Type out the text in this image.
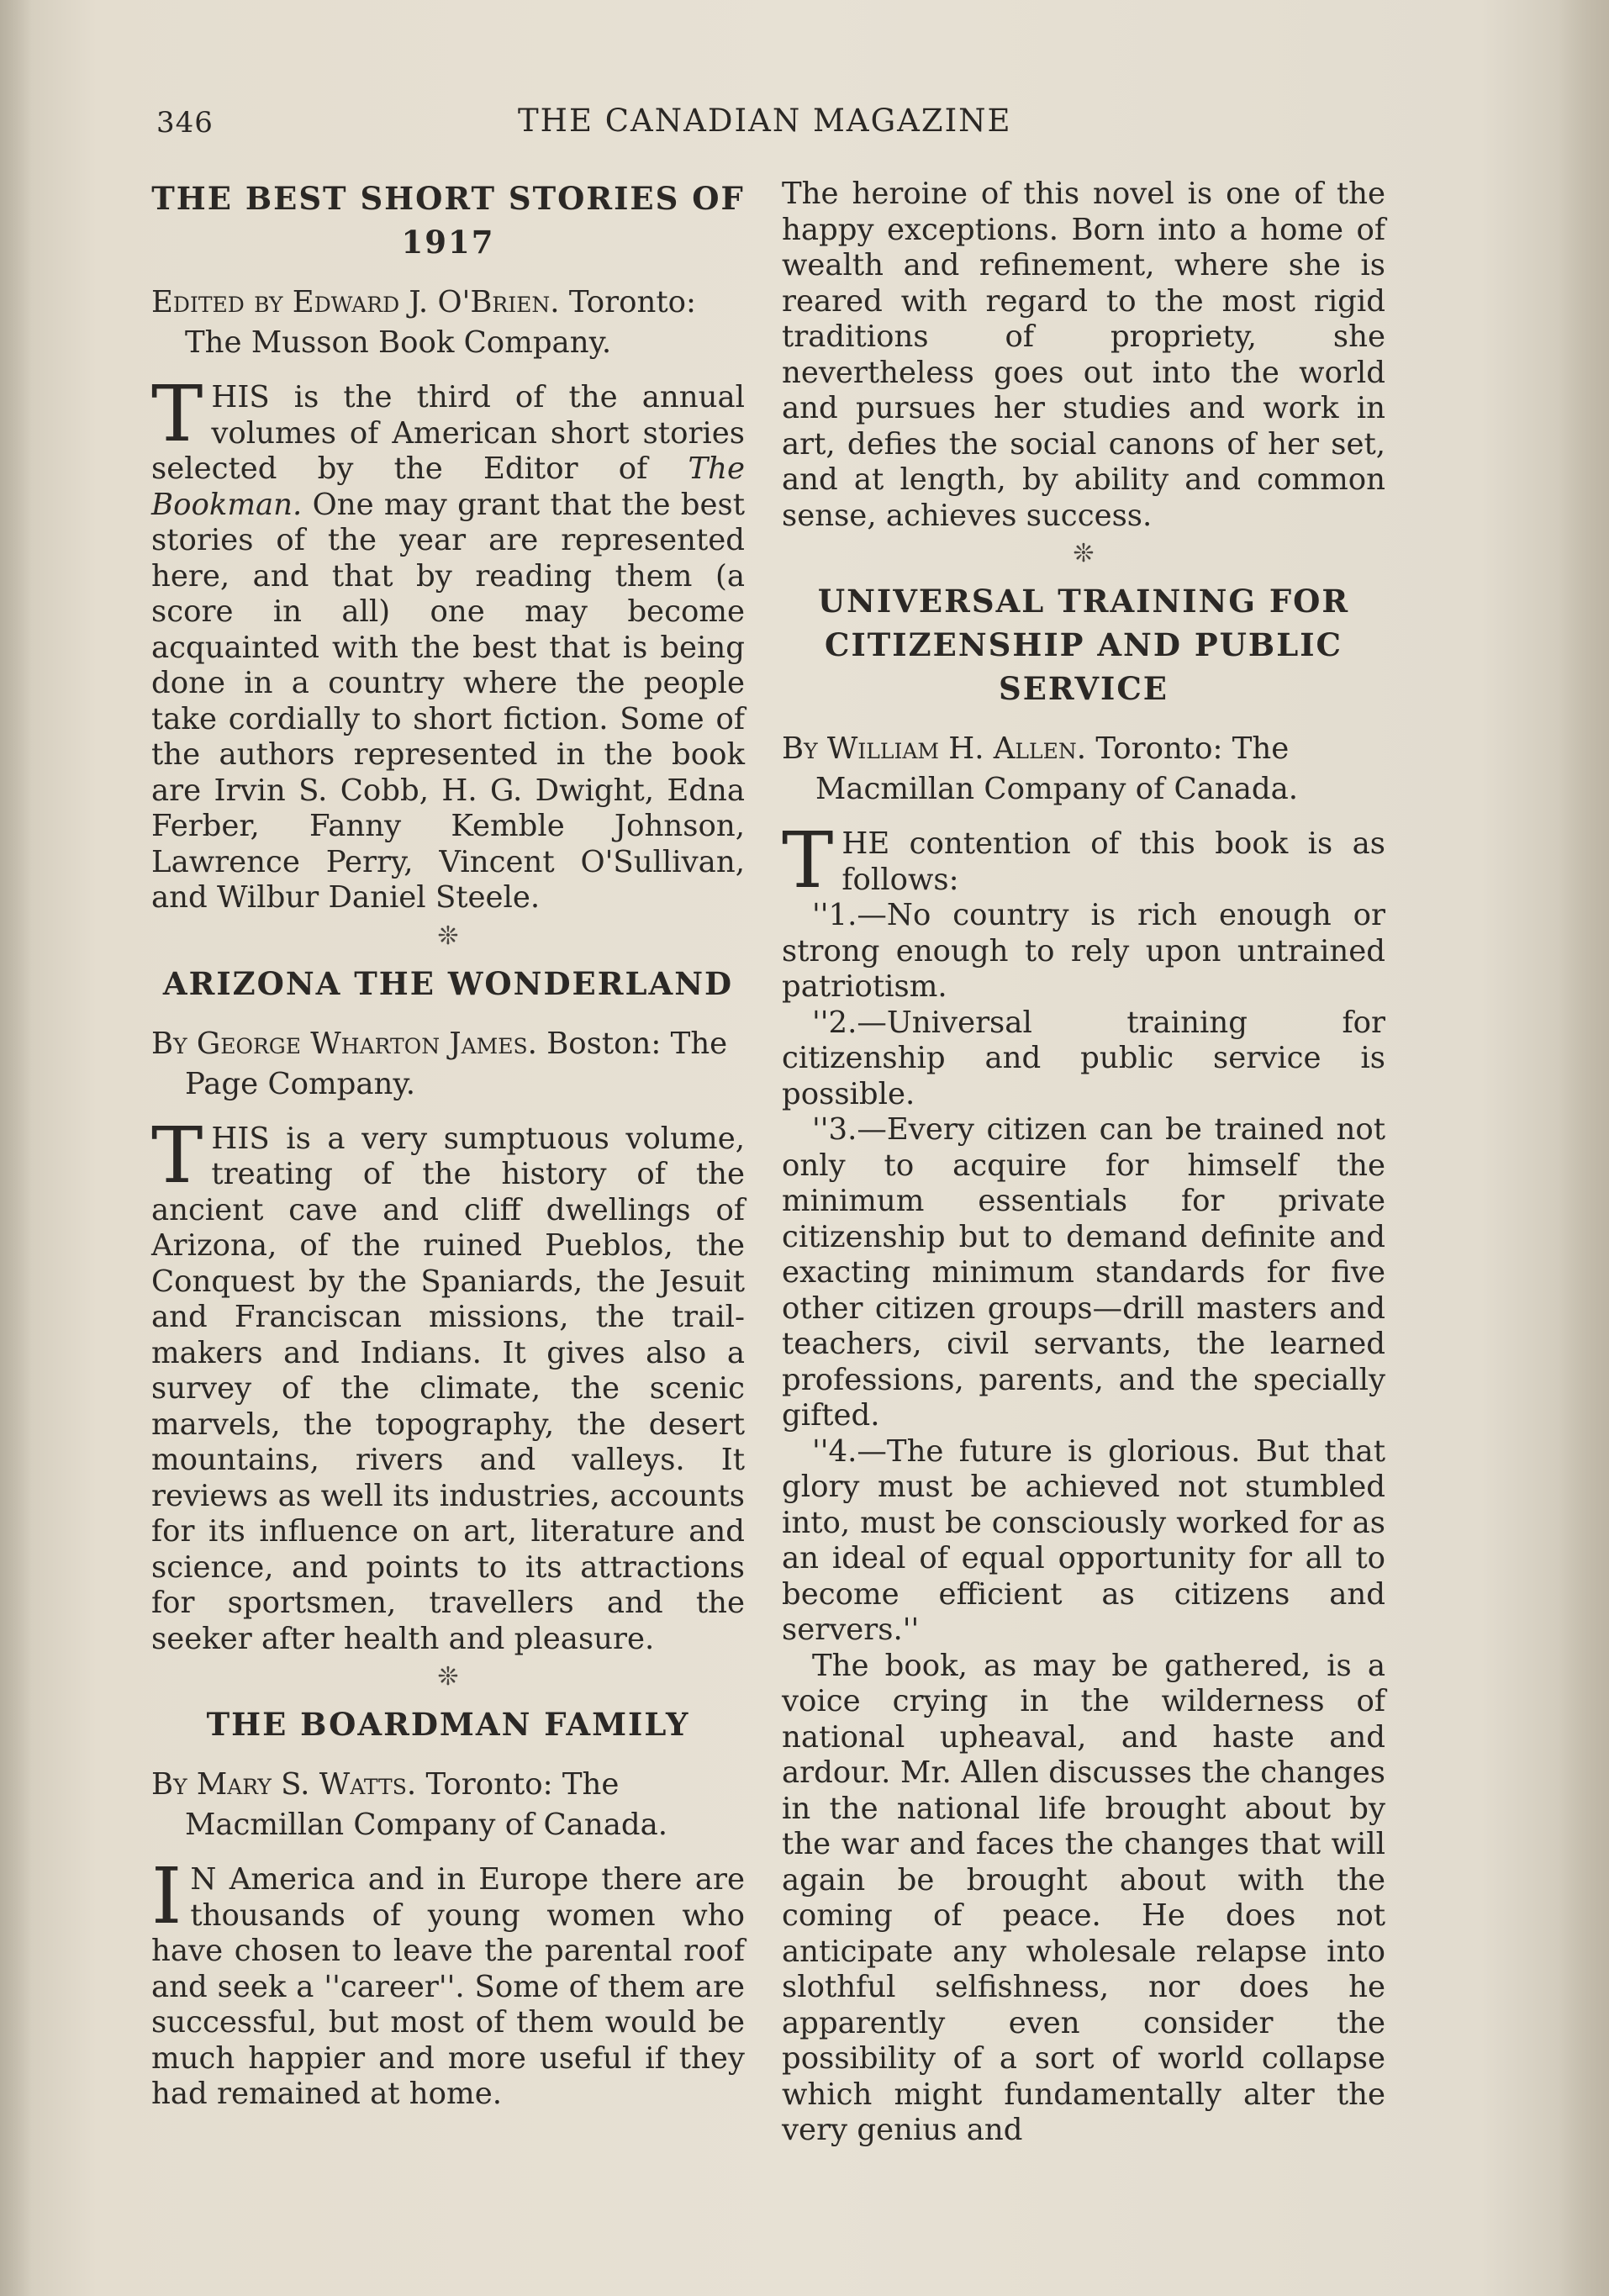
346	THE CANADIAN MAGAZINE
THE BEST SHORT STORIES OF 1917

Edited by Edward J. O'Brien. Toronto: The Musson Book Company.

THIS is the third of the annual volumes of American short stories selected by the Editor of The Bookman. One may grant that the best stories of the year are represented here, and that by reading them (a score in all) one may become acquainted with the best that is being done in a country where the people take cordially to short fiction. Some of the authors represented in the book are Irvin S. Cobb, H. G. Dwight, Edna Ferber, Fanny Kemble Johnson, Lawrence Perry, Vincent O'Sullivan, and Wilbur Daniel Steele.

❊
ARIZONA THE WONDERLAND

By George Wharton James. Boston: The Page Company.

THIS is a very sumptuous volume, treating of the history of the ancient cave and cliff dwellings of Arizona, of the ruined Pueblos, the Conquest by the Spaniards, the Jesuit and Franciscan missions, the trail-makers and Indians. It gives also a survey of the climate, the scenic marvels, the topography, the desert mountains, rivers and valleys. It reviews as well its industries, accounts for its influence on art, literature and science, and points to its attractions for sportsmen, travellers and the seeker after health and pleasure.

❊
THE BOARDMAN FAMILY

By Mary S. Watts. Toronto: The Macmillan Company of Canada.

I N America and in Europe there are thousands of young women who have chosen to leave the parental roof and seek a ''career''. Some of them are successful, but most of them would be much happier and more useful if they had remained at home.

The heroine of this novel is one of the happy exceptions. Born into a home of wealth and refinement, where she is reared with regard to the most rigid traditions of propriety, she nevertheless goes out into the world and pursues her studies and work in art, defies the social canons of her set, and at length, by ability and common sense, achieves success.

❊
UNIVERSAL TRAINING FOR CITIZENSHIP AND PUBLIC SERVICE

By William H. Allen. Toronto: The Macmillan Company of Canada.

THE contention of this book is as follows:

''1.—No country is rich enough or strong enough to rely upon untrained patriotism.

''2.—Universal training for citizenship and public service is possible.

''3.—Every citizen can be trained not only to acquire for himself the minimum essentials for private citizenship but to demand definite and exacting minimum standards for five other citizen groups—drill masters and teachers, civil servants, the learned professions, parents, and the specially gifted.

''4.—The future is glorious. But that glory must be achieved not stumbled into, must be consciously worked for as an ideal of equal opportunity for all to become efficient as citizens and servers.''

The book, as may be gathered, is a voice crying in the wilderness of national upheaval, and haste and ardour. Mr. Allen discusses the changes in the national life brought about by the war and faces the changes that will again be brought about with the coming of peace. He does not anticipate any wholesale relapse into slothful selfishness, nor does he apparently even consider the possibility of a sort of world collapse which might fundamentally alter the very genius and
